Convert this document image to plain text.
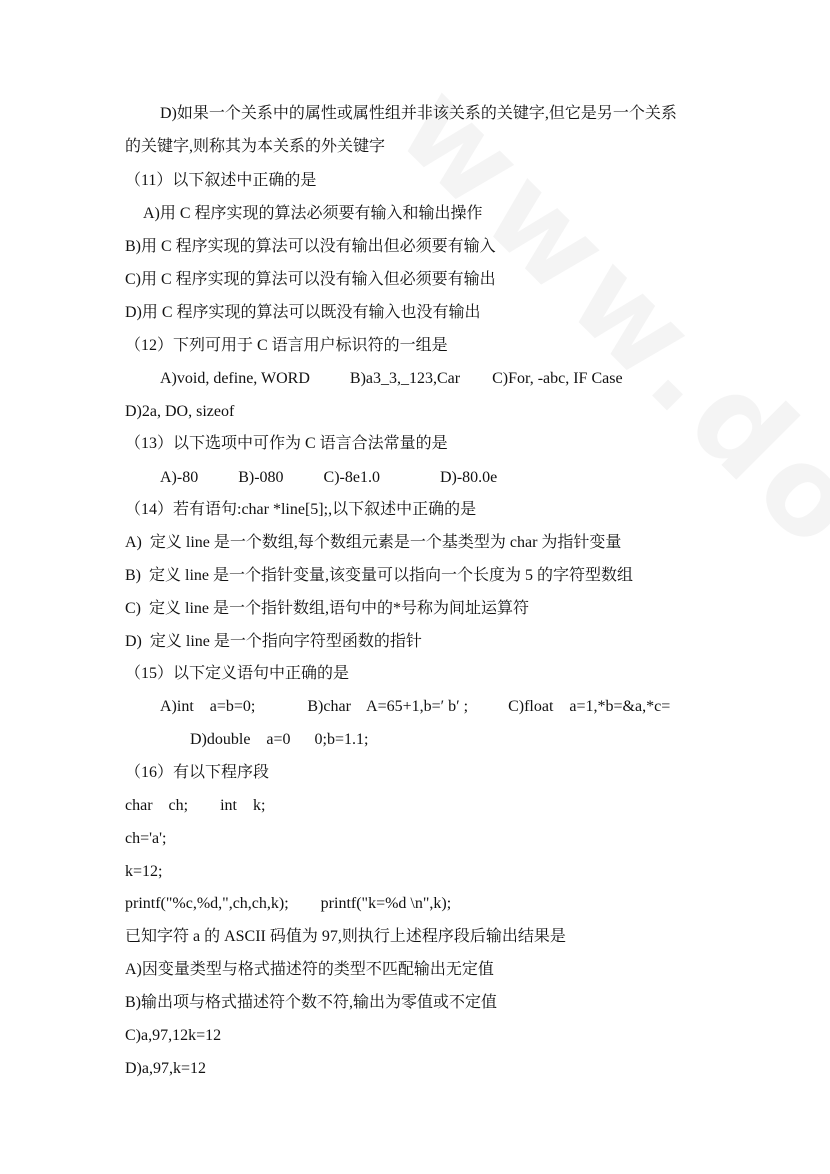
D)如果一个关系中的属性或属性组并非该关系的关键字,但它是另一个关系
的关键字,则称其为本关系的外关键字
（11）以下叙述中正确的是
A)用 C 程序实现的算法必须要有输入和输出操作
B)用 C 程序实现的算法可以没有输出但必须要有输入
C)用 C 程序实现的算法可以没有输入但必须要有输出
D)用 C 程序实现的算法可以既没有输入也没有输出
（12）下列可用于 C 语言用户标识符的一组是
A)void, define, WORD          B)a3_3,_123,Car        C)For, -abc, IF Case
D)2a, DO, sizeof
（13）以下选项中可作为 C 语言合法常量的是
A)-80          B)-080          C)-8e1.0               D)-80.0e
（14）若有语句:char *line[5];,以下叙述中正确的是
A)  定义 line 是一个数组,每个数组元素是一个基类型为 char 为指针变量
B)  定义 line 是一个指针变量,该变量可以指向一个长度为 5 的字符型数组
C)  定义 line 是一个指针数组,语句中的*号称为间址运算符
D)  定义 line 是一个指向字符型函数的指针
（15）以下定义语句中正确的是
A)int    a=b=0;             B)char    A=65+1,b=′ b′ ;          C)float    a=1,*b=&a,*c=
D)double    a=0      0;b=1.1;
（16）有以下程序段
char    ch;        int    k;
ch='a';
k=12;
printf("%c,%d,",ch,ch,k);        printf("k=%d \n",k);
已知字符 a 的 ASCII 码值为 97,则执行上述程序段后输出结果是
A)因变量类型与格式描述符的类型不匹配输出无定值
B)输出项与格式描述符个数不符,输出为零值或不定值
C)a,97,12k=12
D)a,97,k=12
